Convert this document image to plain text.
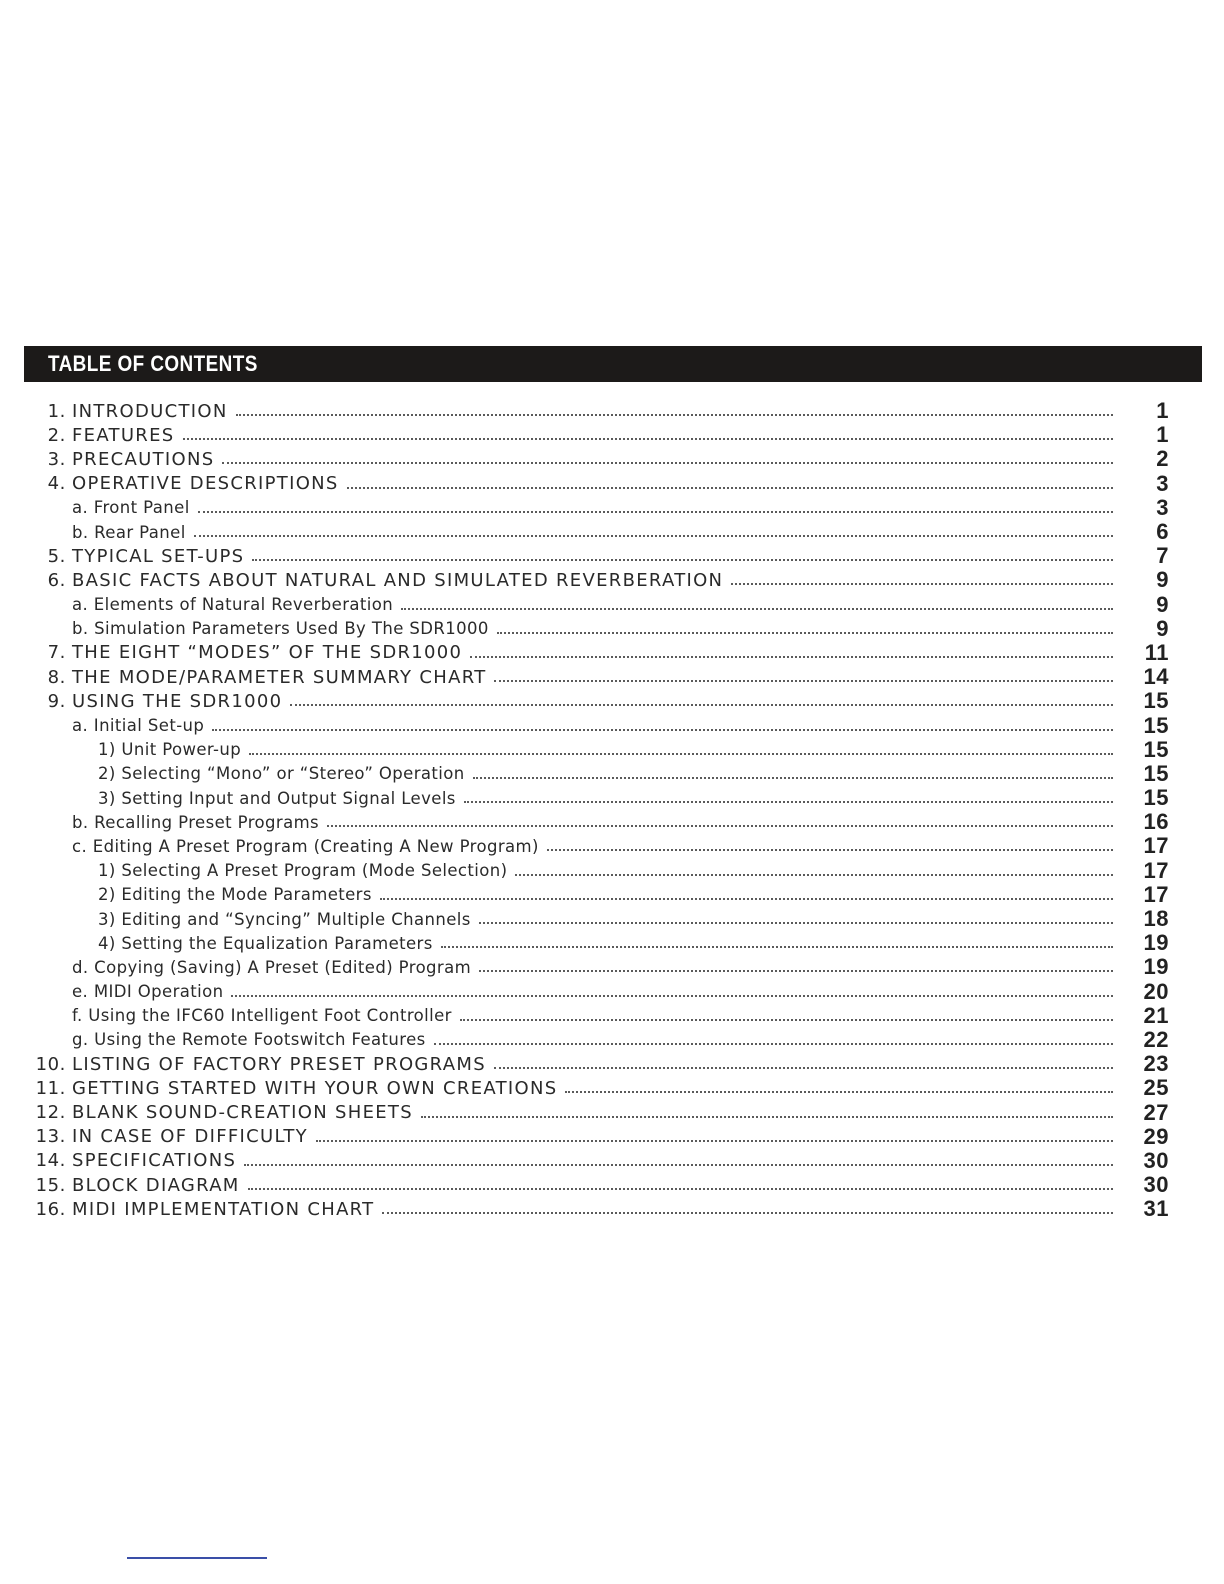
TABLE OF CONTENTS
1. INTRODUCTION	1
2. FEATURES	1
3. PRECAUTIONS	2
4. OPERATIVE DESCRIPTIONS	3
a. Front Panel	3
b. Rear Panel	6
5. TYPICAL SET-UPS	7
6. BASIC FACTS ABOUT NATURAL AND SIMULATED REVERBERATION	9
a. Elements of Natural Reverberation	9
b. Simulation Parameters Used By The SDR1000	9
7. THE EIGHT “MODES” OF THE SDR1000	11
8. THE MODE/PARAMETER SUMMARY CHART	14
9. USING THE SDR1000	15
a. Initial Set-up	15
1) Unit Power-up	15
2) Selecting “Mono” or “Stereo” Operation	15
3) Setting Input and Output Signal Levels	15
b. Recalling Preset Programs	16
c. Editing A Preset Program (Creating A New Program)	17
1) Selecting A Preset Program (Mode Selection)	17
2) Editing the Mode Parameters	17
3) Editing and “Syncing” Multiple Channels	18
4) Setting the Equalization Parameters	19
d. Copying (Saving) A Preset (Edited) Program	19
e. MIDI Operation	20
f. Using the IFC60 Intelligent Foot Controller	21
g. Using the Remote Footswitch Features	22
10. LISTING OF FACTORY PRESET PROGRAMS	23
11. GETTING STARTED WITH YOUR OWN CREATIONS	25
12. BLANK SOUND-CREATION SHEETS	27
13. IN CASE OF DIFFICULTY	29
14. SPECIFICATIONS	30
15. BLOCK DIAGRAM	30
16. MIDI IMPLEMENTATION CHART	31
